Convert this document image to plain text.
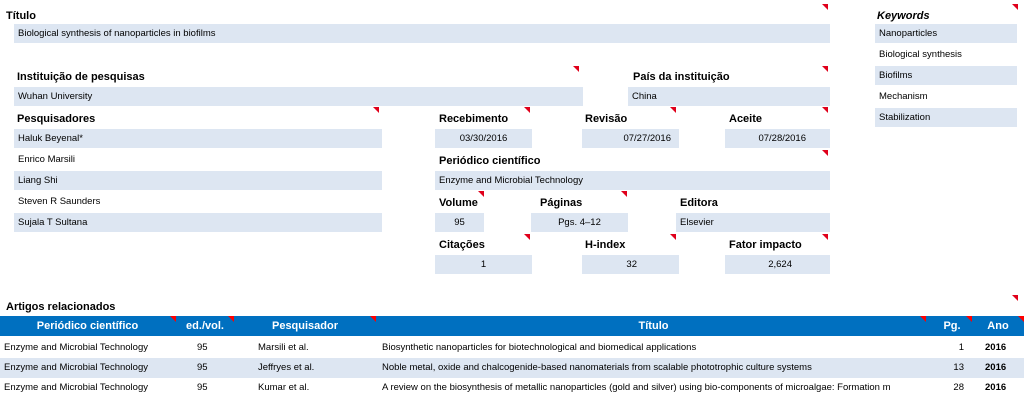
Título
Biological synthesis of nanoparticles in biofilms
Keywords
Nanoparticles
Biological synthesis
Biofilms
Mechanism
Stabilization
Instituição de pesquisas
Wuhan University
País da instituição
China
Pesquisadores
Haluk Beyenal*
Enrico Marsili
Liang Shi
Steven R Saunders
Sujala T Sultana
Recebimento
03/30/2016
Revisão
07/27/2016
Aceite
07/28/2016
Periódico científico
Enzyme and Microbial Technology
Volume
95
Páginas
Pgs. 4–12
Editora
Elsevier
Citações
1
H-index
32
Fator impacto
2,624
Artigos relacionados
Periódico científico	ed./vol.	Pesquisador	Título	Pg.	Ano
Enzyme and Microbial Technology	95	Marsili et al.	Biosynthetic nanoparticles for biotechnological and biomedical applications	1 2016
Enzyme and Microbial Technology	95	Jeffryes et al.	Noble metal, oxide and chalcogenide-based nanomaterials from scalable phototrophic culture systems	13 2016
Enzyme and Microbial Technology	95	Kumar et al.	A review on the biosynthesis of metallic nanoparticles (gold and silver) using bio-components of microalgae: Formation m	28 2016
